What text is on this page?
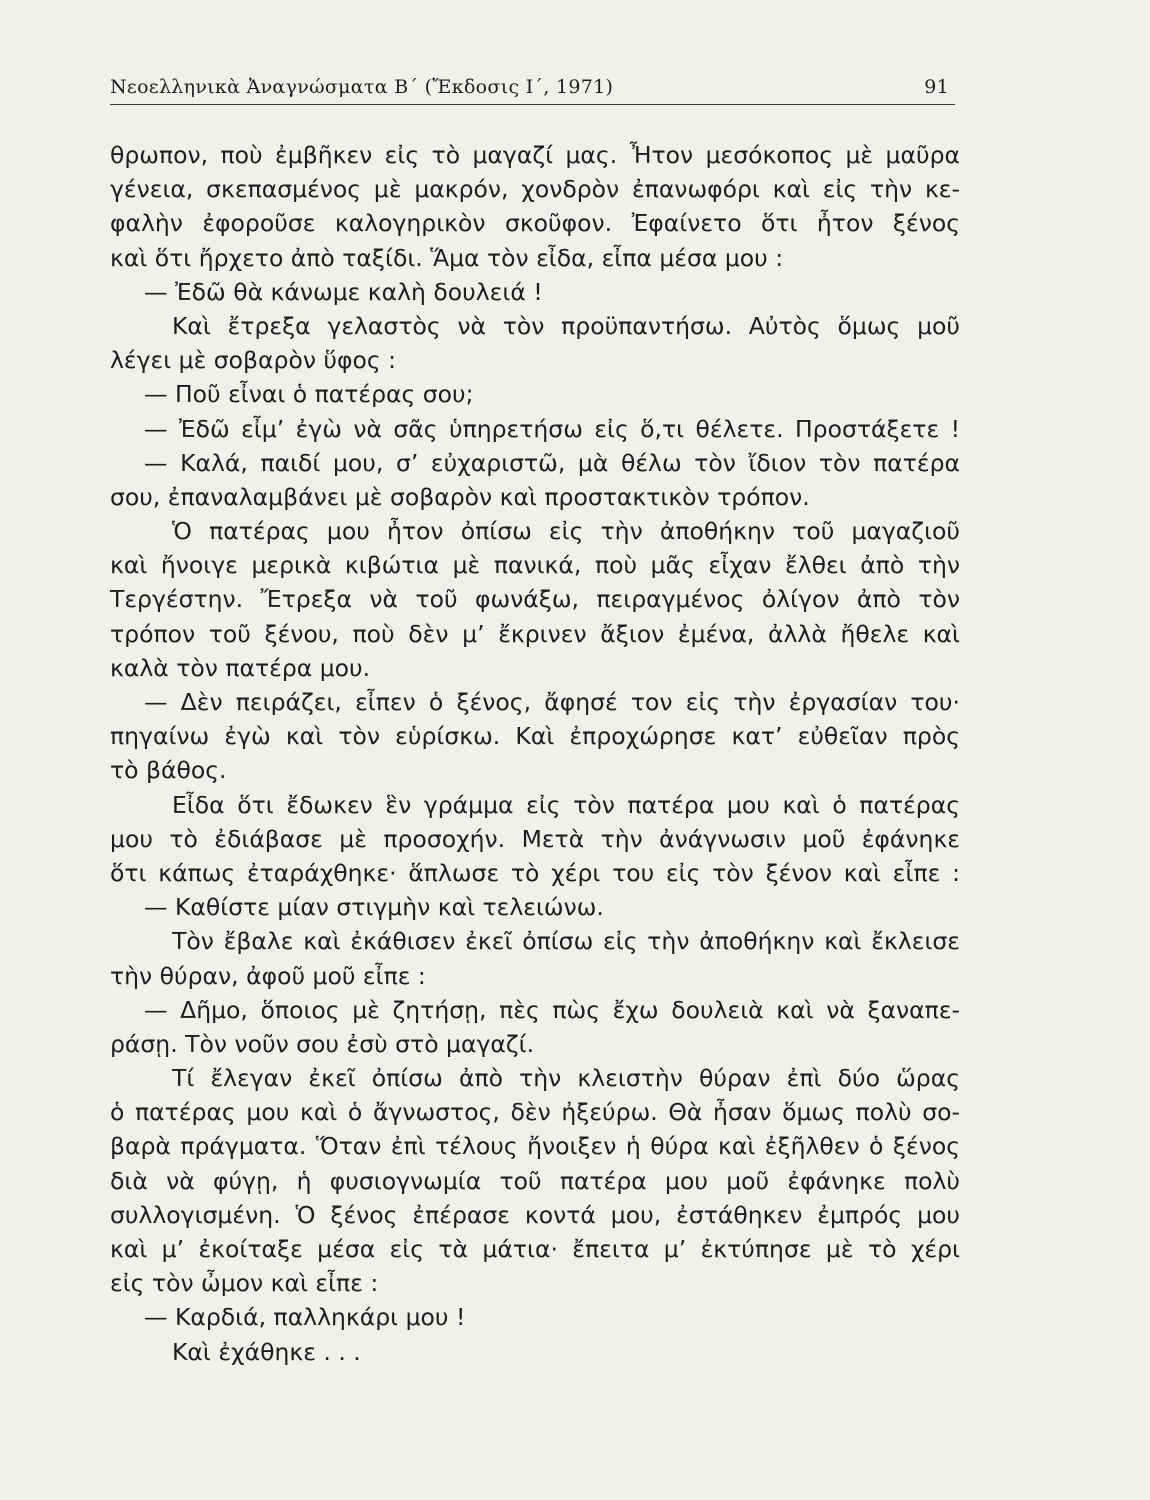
Νεοελληνικὰ Ἀναγνώσματα Β΄ (Ἔκδοσις Ι΄, 1971)	91
θρωπον, ποὺ ἐμβῆκεν εἰς τὸ μαγαζί μας. Ἦτον μεσόκοπος μὲ μαῦρα
γένεια, σκεπασμένος μὲ μακρόν, χονδρὸν ἐπανωφόρι καὶ εἰς τὴν κε-
φαλὴν ἐφοροῦσε καλογηρικὸν σκοῦφον. Ἐφαίνετο ὅτι ἦτον ξένος
καὶ ὅτι ἤρχετο ἀπὸ ταξίδι. Ἅμα τὸν εἶδα, εἶπα μέσα μου :
— Ἐδῶ θὰ κάνωμε καλὴ δουλειά !
Καὶ ἔτρεξα γελαστὸς νὰ τὸν προϋπαντήσω. Αὐτὸς ὅμως μοῦ
λέγει μὲ σοβαρὸν ὕφος :
— Ποῦ εἶναι ὁ πατέρας σου;
— Ἐδῶ εἶμ’ ἐγὼ νὰ σᾶς ὑπηρετήσω εἰς ὅ,τι θέλετε. Προστάξετε !
— Καλά, παιδί μου, σ’ εὐχαριστῶ, μὰ θέλω τὸν ἴδιον τὸν πατέρα
σου, ἐπαναλαμβάνει μὲ σοβαρὸν καὶ προστακτικὸν τρόπον.
Ὁ πατέρας μου ἦτον ὀπίσω εἰς τὴν ἀποθήκην τοῦ μαγαζιοῦ
καὶ ἤνοιγε μερικὰ κιβώτια μὲ πανικά, ποὺ μᾶς εἶχαν ἔλθει ἀπὸ τὴν
Τεργέστην. Ἔτρεξα νὰ τοῦ φωνάξω, πειραγμένος ὀλίγον ἀπὸ τὸν
τρόπον τοῦ ξένου, ποὺ δὲν μ’ ἔκρινεν ἄξιον ἐμένα, ἀλλὰ ἤθελε καὶ
καλὰ τὸν πατέρα μου.
— Δὲν πειράζει, εἶπεν ὁ ξένος, ἄφησέ τον εἰς τὴν ἐργασίαν του·
πηγαίνω ἐγὼ καὶ τὸν εὑρίσκω. Καὶ ἐπροχώρησε κατ’ εὐθεῖαν πρὸς
τὸ βάθος.
Εἶδα ὅτι ἔδωκεν ἓν γράμμα εἰς τὸν πατέρα μου καὶ ὁ πατέρας
μου τὸ ἐδιάβασε μὲ προσοχήν. Μετὰ τὴν ἀνάγνωσιν μοῦ ἐφάνηκε
ὅτι κάπως ἐταράχθηκε· ἅπλωσε τὸ χέρι του εἰς τὸν ξένον καὶ εἶπε :
— Καθίστε μίαν στιγμὴν καὶ τελειώνω.
Τὸν ἔβαλε καὶ ἐκάθισεν ἐκεῖ ὀπίσω εἰς τὴν ἀποθήκην καὶ ἔκλεισε
τὴν θύραν, ἀφοῦ μοῦ εἶπε :
— Δῆμο, ὅποιος μὲ ζητήσῃ, πὲς πὼς ἔχω δουλειὰ καὶ νὰ ξαναπε-
ράσῃ. Τὸν νοῦν σου ἐσὺ στὸ μαγαζί.
Τί ἔλεγαν ἐκεῖ ὀπίσω ἀπὸ τὴν κλειστὴν θύραν ἐπὶ δύο ὥρας
ὁ πατέρας μου καὶ ὁ ἄγνωστος, δὲν ἠξεύρω. Θὰ ἦσαν ὅμως πολὺ σο-
βαρὰ πράγματα. Ὅταν ἐπὶ τέλους ἤνοιξεν ἡ θύρα καὶ ἐξῆλθεν ὁ ξένος
διὰ νὰ φύγῃ, ἡ φυσιογνωμία τοῦ πατέρα μου μοῦ ἐφάνηκε πολὺ
συλλογισμένη. Ὁ ξένος ἐπέρασε κοντά μου, ἐστάθηκεν ἐμπρός μου
καὶ μ’ ἐκοίταξε μέσα εἰς τὰ μάτια· ἔπειτα μ’ ἐκτύπησε μὲ τὸ χέρι
εἰς τὸν ὦμον καὶ εἶπε :
— Καρδιά, παλληκάρι μου !
Καὶ ἐχάθηκε . . .
